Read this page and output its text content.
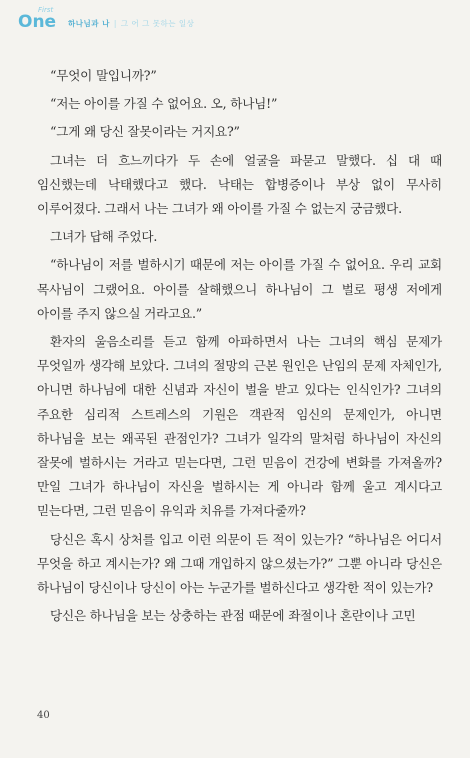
First
One 하나님과 나 | 그 어 그 못하는 일상

“무엇이 말입니까?”

“저는 아이를 가질 수 없어요. 오, 하나님!”

“그게 왜 당신 잘못이라는 거지요?”

그녀는 더 흐느끼다가 두 손에 얼굴을 파묻고 말했다. 십 대 때 임신했는데 낙태했다고 했다. 낙태는 합병증이나 부상 없이 무사히 이루어졌다. 그래서 나는 그녀가 왜 아이를 가질 수 없는지 궁금했다.

그녀가 답해 주었다.

“하나님이 저를 벌하시기 때문에 저는 아이를 가질 수 없어요. 우리 교회 목사님이 그랬어요. 아이를 살해했으니 하나님이 그 벌로 평생 저에게 아이를 주지 않으실 거라고요.”

환자의 울음소리를 듣고 함께 아파하면서 나는 그녀의 핵심 문제가 무엇일까 생각해 보았다. 그녀의 절망의 근본 원인은 난임의 문제 자체인가, 아니면 하나님에 대한 신념과 자신이 벌을 받고 있다는 인식인가? 그녀의 주요한 심리적 스트레스의 기원은 객관적 임신의 문제인가, 아니면 하나님을 보는 왜곡된 관점인가? 그녀가 일각의 말처럼 하나님이 자신의 잘못에 벌하시는 거라고 믿는다면, 그런 믿음이 건강에 변화를 가져올까? 만일 그녀가 하나님이 자신을 벌하시는 게 아니라 함께 울고 계시다고 믿는다면, 그런 믿음이 유익과 치유를 가져다줄까?

당신은 혹시 상처를 입고 이런 의문이 든 적이 있는가? “하나님은 어디서 무엇을 하고 계시는가? 왜 그때 개입하지 않으셨는가?” 그뿐 아니라 당신은 하나님이 당신이나 당신이 아는 누군가를 벌하신다고 생각한 적이 있는가?

당신은 하나님을 보는 상충하는 관점 때문에 좌절이나 혼란이나 고민

40
